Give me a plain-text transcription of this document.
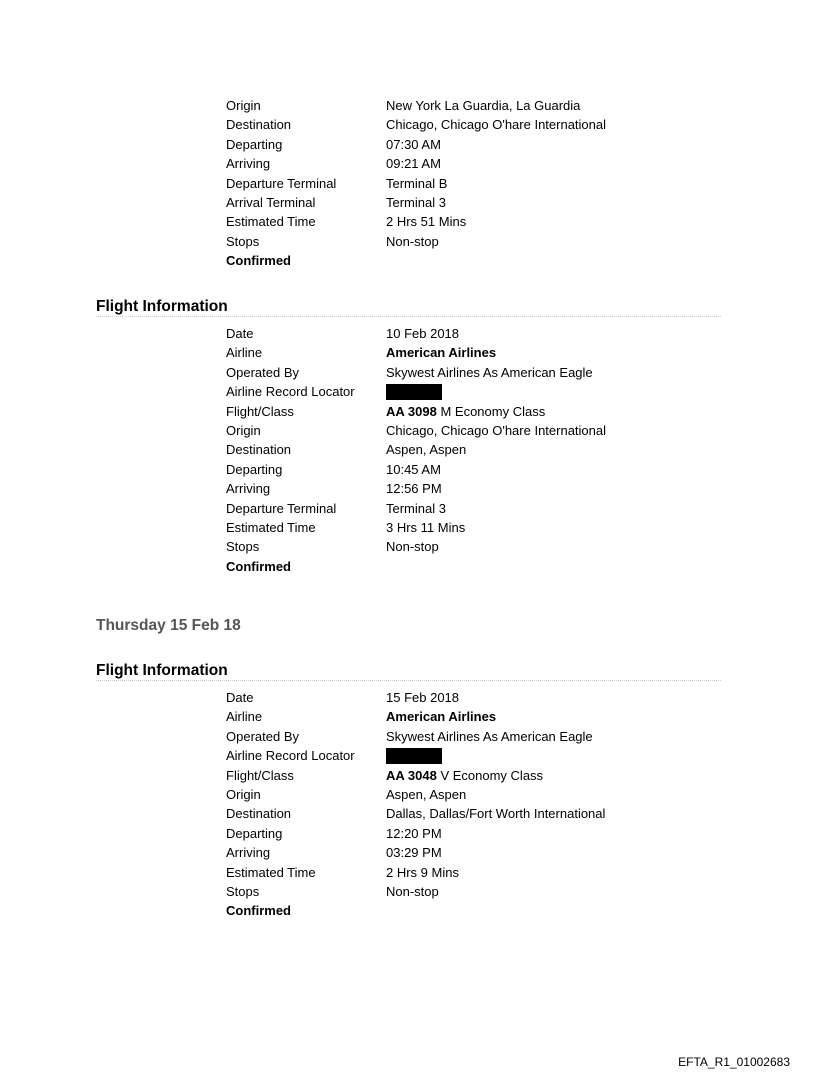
Origin	New York La Guardia, La Guardia
Destination	Chicago, Chicago O'hare International
Departing	07:30 AM
Arriving	09:21 AM
Departure Terminal	Terminal B
Arrival Terminal	Terminal 3
Estimated Time	2 Hrs 51 Mins
Stops	Non-stop
Confirmed
Flight Information
Date	10 Feb 2018
Airline	American Airlines
Operated By	Skywest Airlines As American Eagle
Airline Record Locator
Flight/Class	AA 3098 M Economy Class
Origin	Chicago, Chicago O'hare International
Destination	Aspen, Aspen
Departing	10:45 AM
Arriving	12:56 PM
Departure Terminal	Terminal 3
Estimated Time	3 Hrs 11 Mins
Stops	Non-stop
Confirmed
Thursday 15 Feb 18
Flight Information
Date	15 Feb 2018
Airline	American Airlines
Operated By	Skywest Airlines As American Eagle
Airline Record Locator
Flight/Class	AA 3048 V Economy Class
Origin	Aspen, Aspen
Destination	Dallas, Dallas/Fort Worth International
Departing	12:20 PM
Arriving	03:29 PM
Estimated Time	2 Hrs 9 Mins
Stops	Non-stop
Confirmed
EFTA_R1_01002683
